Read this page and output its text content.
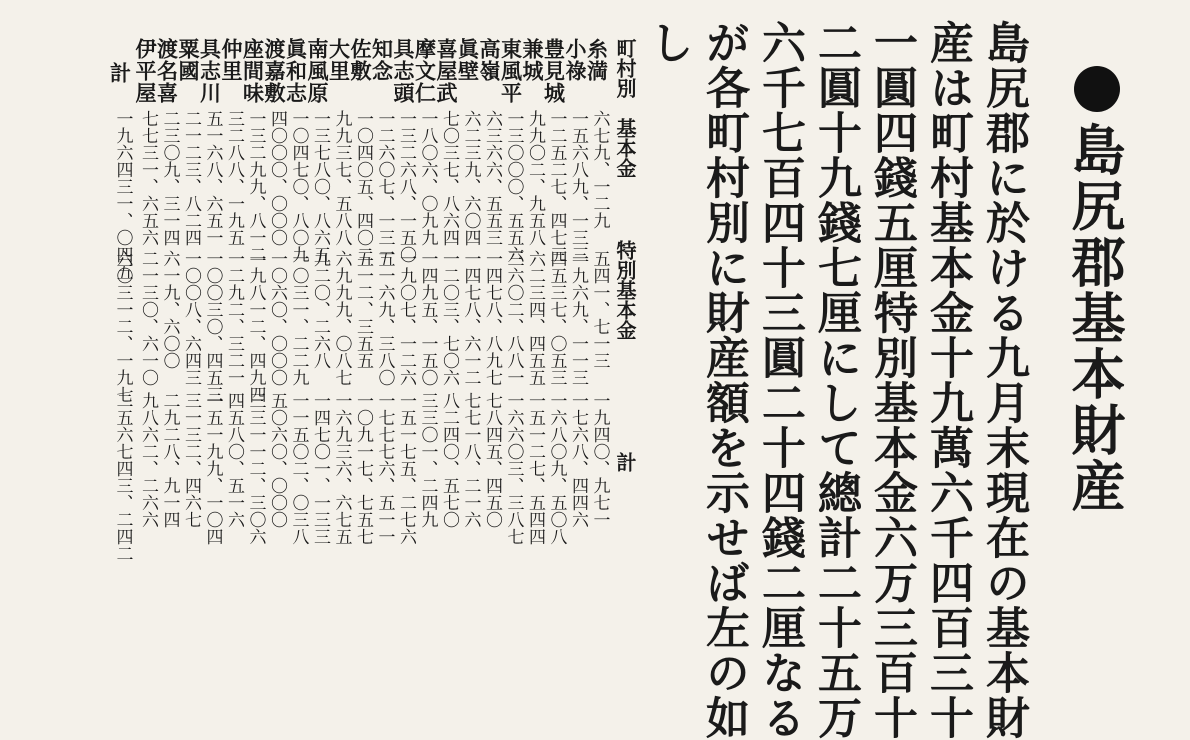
島尻郡基本財産
島尻郡に於ける九月末現在の基本財
産は町村基本金十九萬六千四百三十
一圓四錢五厘特別基本金六万三百十
二圓十九錢七厘にして總計二十五万
六千七百四十三圓二十四錢二厘なる
が各町村別に財産額を示せば左の如
し
町村別
基本金
特別基本金
計
糸満
六七九、一二九
五四一、七一三
一九四〇、九七一
小祿
一五六八九、一三三
一九六九、一一三
一七六八、四四六
豊見城
一二五二七、四七三
四五三七、〇五三
一六八〇九、五〇八
兼城
九九〇二、九五八
六二三四、四五五
一五一二七、五四四
東風平
一三〇〇〇、五五六
三六〇二、八八一
一六六〇三、三八七
高嶺
六三六六、五五三
一四七八、八九七
七八四五、四五〇
眞壁
六二三九、六〇四
一四七八、六一二
七七一八、二一六
喜屋武
七〇三七、八六四
一二〇三、七〇六
八二四〇、五七〇
摩文仁
一八〇六、〇九九
一四九五、一五〇
三三〇一、二四九
具志頭
一三二六八、一五〇
一九〇七、一二六
一五一七五、二七六
知念
一二六〇七、一三一
五一六九、三八〇
一七七七六、五一一
佐敷
一〇四〇五、四〇二
五一二、三五五
一〇九一七、七五七
大里
九九三七、五八八
六九九九、〇八七
一六九三六、六七五
南風原
一三七八〇、八六五
九二〇、二六八
一四七〇一、一三三
眞和志
一〇四七〇、八〇九
一〇三一、二二九
一一五〇二、〇三八
渡嘉敷
四〇〇〇、〇〇〇
一〇六〇、〇〇〇
五〇六〇、〇〇〇
座間味
一三二九九、八一二
一九八一二、四九四
三三一一二、三〇六
仲里
三二八八、一九五
一二九二、三二一
四五八〇、五一六
具志川
五一六八、六五一
一〇〇三〇、四五三
一五一九九、一〇四
粟國
二一二三、八二四
一〇〇八、六四三
三一三二、四六七
渡名喜
二三〇九、三一四
六一九、六〇〇
二九二八、九一四
伊平屋
七七三一、六五六
二一三〇、六一〇
九八六二、二六六
計
一九六四三一、〇四五
六〇三一二、一九七
二五六七四三、二四二
